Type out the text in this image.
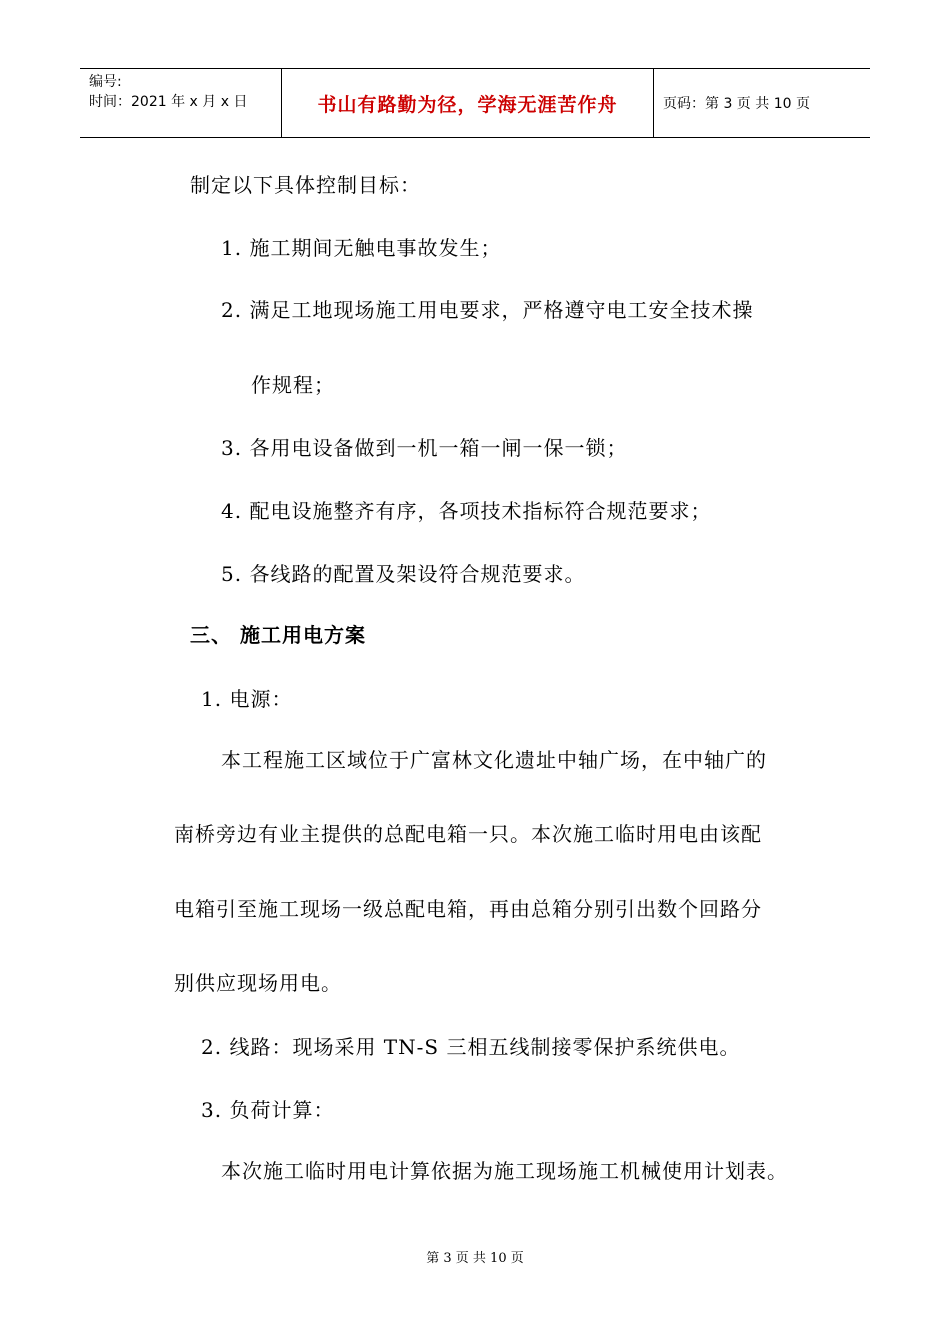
编号:
时间：2021 年 x 月 x 日	书山有路勤为径，学海无涯苦作舟	页码：第 3 页 共 10 页
制定以下具体控制目标：
1. 施工期间无触电事故发生；
2. 满足工地现场施工用电要求，严格遵守电工安全技术操
作规程；
3. 各用电设备做到一机一箱一闸一保一锁；
4. 配电设施整齐有序，各项技术指标符合规范要求；
5. 各线路的配置及架设符合规范要求。
三、 施工用电方案
1. 电源：
本工程施工区域位于广富林文化遗址中轴广场，在中轴广的
南桥旁边有业主提供的总配电箱一只。本次施工临时用电由该配
电箱引至施工现场一级总配电箱，再由总箱分别引出数个回路分
别供应现场用电。
2. 线路：现场采用 TN-S 三相五线制接零保护系统供电。
3. 负荷计算：
本次施工临时用电计算依据为施工现场施工机械使用计划表。
第 3 页 共 10 页
